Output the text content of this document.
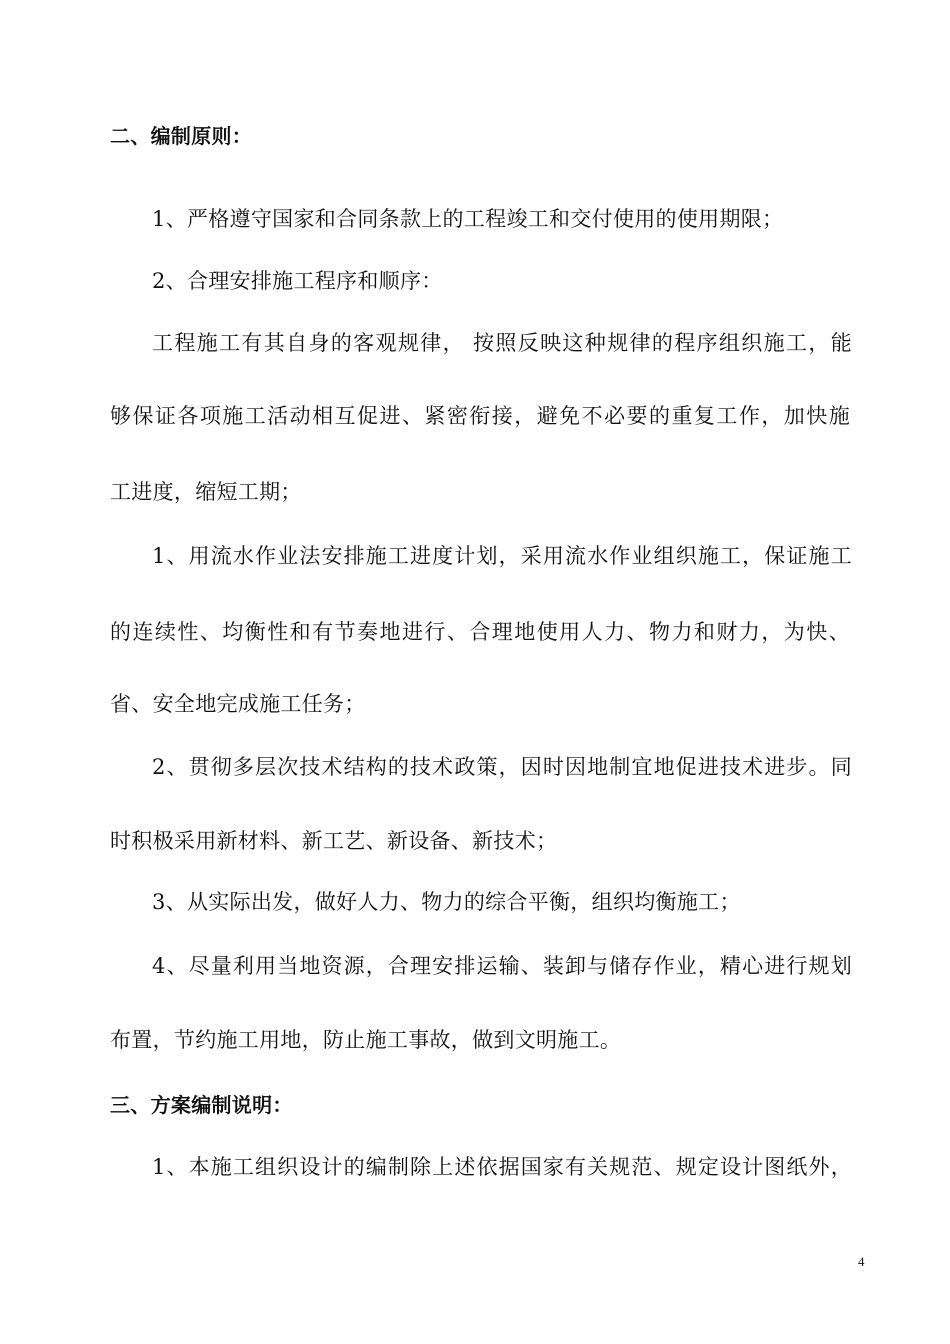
二、编制原则：
1、严格遵守国家和合同条款上的工程竣工和交付使用的使用期限；
2、合理安排施工程序和顺序：
工程施工有其自身的客观规律， 按照反映这种规律的程序组织施工，能
够保证各项施工活动相互促进、紧密衔接，避免不必要的重复工作，加快施
工进度，缩短工期；
1、用流水作业法安排施工进度计划，采用流水作业组织施工，保证施工
的连续性、均衡性和有节奏地进行、合理地使用人力、物力和财力，为快、
省、安全地完成施工任务；
2、贯彻多层次技术结构的技术政策，因时因地制宜地促进技术进步。同
时积极采用新材料、新工艺、新设备、新技术；
3、从实际出发，做好人力、物力的综合平衡，组织均衡施工；
4、尽量利用当地资源，合理安排运输、装卸与储存作业，精心进行规划
布置，节约施工用地，防止施工事故，做到文明施工。
三、方案编制说明：
1、本施工组织设计的编制除上述依据国家有关规范、规定设计图纸外，
4
